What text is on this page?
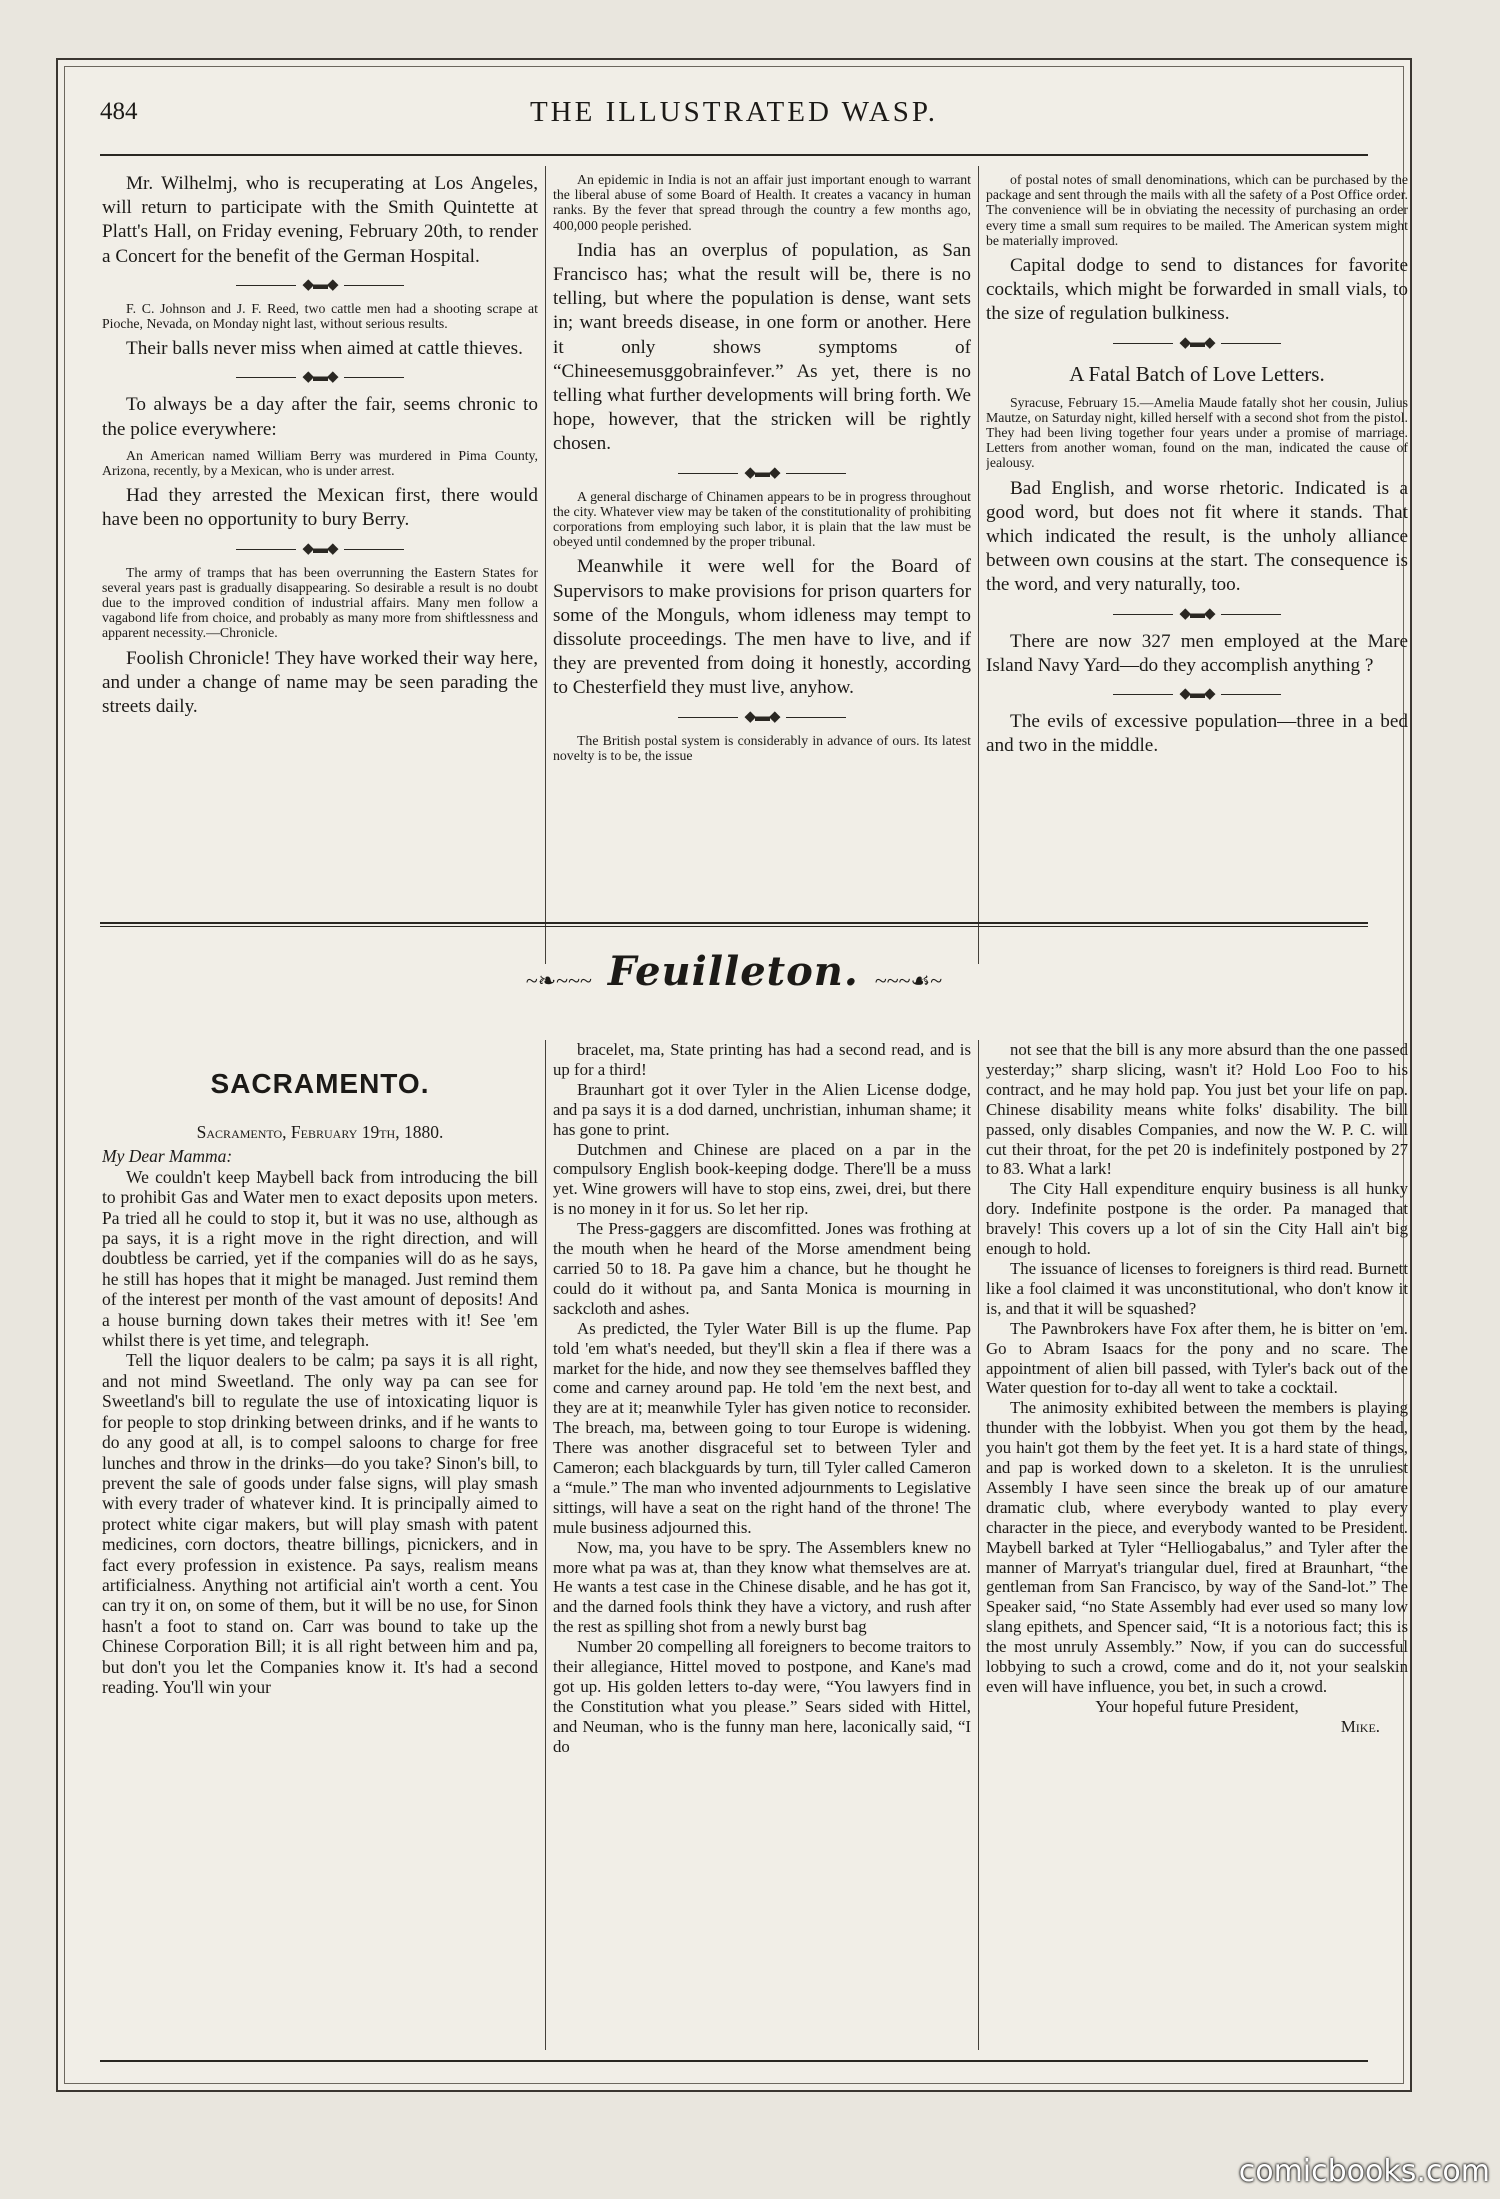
484	THE ILLUSTRATED WASP.

Mr. Wilhelmj, who is recuperating at Los Angeles, will return to participate with the Smith Quintette at Platt's Hall, on Friday evening, February 20th, to render a Concert for the benefit of the German Hospital.

◆▬◆

F. C. Johnson and J. F. Reed, two cattle men had a shooting scrape at Pioche, Nevada, on Monday night last, without serious results.

Their balls never miss when aimed at cattle thieves.

◆▬◆

To always be a day after the fair, seems chronic to the police everywhere:

An American named William Berry was murdered in Pima County, Arizona, recently, by a Mexican, who is under arrest.

Had they arrested the Mexican first, there would have been no opportunity to bury Berry.

◆▬◆

The army of tramps that has been overrunning the Eastern States for several years past is gradually disappearing. So desirable a result is no doubt due to the improved condition of industrial affairs. Many men follow a vagabond life from choice, and probably as many more from shiftlessness and apparent necessity.—Chronicle.

Foolish Chronicle! They have worked their way here, and under a change of name may be seen parading the streets daily.

An epidemic in India is not an affair just important enough to warrant the liberal abuse of some Board of Health. It creates a vacancy in human ranks. By the fever that spread through the country a few months ago, 400,000 people perished.

India has an overplus of population, as San Francisco has; what the result will be, there is no telling, but where the population is dense, want sets in; want breeds disease, in one form or another. Here it only shows symptoms of “Chineesemusggobrainfever.” As yet, there is no telling what further developments will bring forth. We hope, however, that the stricken will be rightly chosen.

◆▬◆

A general discharge of Chinamen appears to be in progress throughout the city. Whatever view may be taken of the constitutionality of prohibiting corporations from employing such labor, it is plain that the law must be obeyed until condemned by the proper tribunal.

Meanwhile it were well for the Board of Supervisors to make provisions for prison quarters for some of the Monguls, whom idleness may tempt to dissolute proceedings. The men have to live, and if they are prevented from doing it honestly, according to Chesterfield they must live, anyhow.

◆▬◆

The British postal system is considerably in advance of ours. Its latest novelty is to be, the issue

of postal notes of small denominations, which can be purchased by the package and sent through the mails with all the safety of a Post Office order. The convenience will be in obviating the necessity of purchasing an order every time a small sum requires to be mailed. The American system might be materially improved.

Capital dodge to send to distances for favorite cocktails, which might be forwarded in small vials, to the size of regulation bulkiness.

◆▬◆
A Fatal Batch of Love Letters.

Syracuse, February 15.—Amelia Maude fatally shot her cousin, Julius Mautze, on Saturday night, killed herself with a second shot from the pistol. They had been living together four years under a promise of marriage. Letters from another woman, found on the man, indicated the cause of jealousy.

Bad English, and worse rhetoric. Indicated is a good word, but does not fit where it stands. That which indicated the result, is the unholy alliance between own cousins at the start. The consequence is the word, and very naturally, too.

◆▬◆

There are now 327 men employed at the Mare Island Navy Yard—do they accomplish anything ?

◆▬◆

The evils of excessive population—three in a bed and two in the middle.

~❧~~~ Feuilleton. ~~~☙~
SACRAMENTO.

Sacramento, February 19th, 1880.

My Dear Mamma:

We couldn't keep Maybell back from introducing the bill to prohibit Gas and Water men to exact deposits upon meters. Pa tried all he could to stop it, but it was no use, although as pa says, it is a right move in the right direction, and will doubtless be carried, yet if the companies will do as he says, he still has hopes that it might be managed. Just remind them of the interest per month of the vast amount of deposits! And a house burning down takes their metres with it! See 'em whilst there is yet time, and telegraph.

Tell the liquor dealers to be calm; pa says it is all right, and not mind Sweetland. The only way pa can see for Sweetland's bill to regulate the use of intoxicating liquor is for people to stop drinking between drinks, and if he wants to do any good at all, is to compel saloons to charge for free lunches and throw in the drinks—do you take? Sinon's bill, to prevent the sale of goods under false signs, will play smash with every trader of whatever kind. It is principally aimed to protect white cigar makers, but will play smash with patent medicines, corn doctors, theatre billings, picnickers, and in fact every profession in existence. Pa says, realism means artificialness. Anything not artificial ain't worth a cent. You can try it on, on some of them, but it will be no use, for Sinon hasn't a foot to stand on. Carr was bound to take up the Chinese Corporation Bill; it is all right between him and pa, but don't you let the Companies know it. It's had a second reading. You'll win your

bracelet, ma, State printing has had a second read, and is up for a third!

Braunhart got it over Tyler in the Alien License dodge, and pa says it is a dod darned, unchristian, inhuman shame; it has gone to print.

Dutchmen and Chinese are placed on a par in the compulsory English book-keeping dodge. There'll be a muss yet. Wine growers will have to stop eins, zwei, drei, but there is no money in it for us. So let her rip.

The Press-gaggers are discomfitted. Jones was frothing at the mouth when he heard of the Morse amendment being carried 50 to 18. Pa gave him a chance, but he thought he could do it without pa, and Santa Monica is mourning in sackcloth and ashes.

As predicted, the Tyler Water Bill is up the flume. Pap told 'em what's needed, but they'll skin a flea if there was a market for the hide, and now they see themselves baffled they come and carney around pap. He told 'em the next best, and they are at it; meanwhile Tyler has given notice to reconsider. The breach, ma, between going to tour Europe is widening. There was another disgraceful set to between Tyler and Cameron; each blackguards by turn, till Tyler called Cameron a “mule.” The man who invented adjournments to Legislative sittings, will have a seat on the right hand of the throne! The mule business adjourned this.

Now, ma, you have to be spry. The Assemblers knew no more what pa was at, than they know what themselves are at. He wants a test case in the Chinese disable, and he has got it, and the darned fools think they have a victory, and rush after the rest as spilling shot from a newly burst bag

Number 20 compelling all foreigners to become traitors to their allegiance, Hittel moved to postpone, and Kane's mad got up. His golden letters to-day were, “You lawyers find in the Constitution what you please.” Sears sided with Hittel, and Neuman, who is the funny man here, laconically said, “I do

not see that the bill is any more absurd than the one passed yesterday;” sharp slicing, wasn't it? Hold Loo Foo to his contract, and he may hold pap. You just bet your life on pap. Chinese disability means white folks' disability. The bill passed, only disables Companies, and now the W. P. C. will cut their throat, for the pet 20 is indefinitely postponed by 27 to 83. What a lark!

The City Hall expenditure enquiry business is all hunky dory. Indefinite postpone is the order. Pa managed that bravely! This covers up a lot of sin the City Hall ain't big enough to hold.

The issuance of licenses to foreigners is third read. Burnett like a fool claimed it was unconstitutional, who don't know it is, and that it will be squashed?

The Pawnbrokers have Fox after them, he is bitter on 'em. Go to Abram Isaacs for the pony and no scare. The appointment of alien bill passed, with Tyler's back out of the Water question for to-day all went to take a cocktail.

The animosity exhibited between the members is playing thunder with the lobbyist. When you got them by the head, you hain't got them by the feet yet. It is a hard state of things, and pap is worked down to a skeleton. It is the unruliest Assembly I have seen since the break up of our amature dramatic club, where everybody wanted to play every character in the piece, and everybody wanted to be President. Maybell barked at Tyler “Helliogabalus,” and Tyler after the manner of Marryat's triangular duel, fired at Braunhart, “the gentleman from San Francisco, by way of the Sand-lot.” The Speaker said, “no State Assembly had ever used so many low slang epithets, and Spencer said, “It is a notorious fact; this is the most unruly Assembly.” Now, if you can do successful lobbying to such a crowd, come and do it, not your sealskin even will have influence, you bet, in such a crowd.

Your hopeful future President,

Mike.

comicbooks.com
